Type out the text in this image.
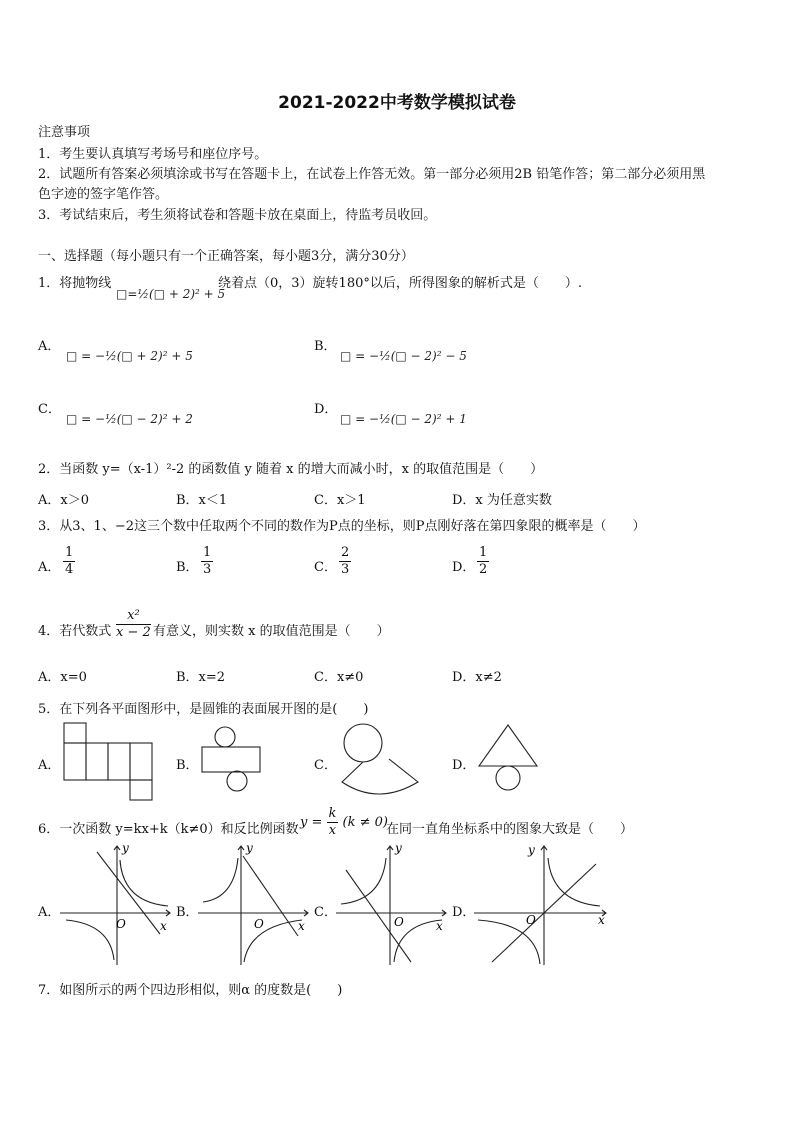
2021-2022中考数学模拟试卷
注意事项
1．考生要认真填写考场号和座位序号。
2．试题所有答案必须填涂或书写在答题卡上，在试卷上作答无效。第一部分必须用2B 铅笔作答；第二部分必须用黑
色字迹的签字笔作答。
3．考试结束后，考生须将试卷和答题卡放在桌面上，待监考员收回。
一、选择题（每小题只有一个正确答案，每小题3分，满分30分）
1．将抛物线
□=½(□ + 2)² + 5
绕着点（0，3）旋转180°以后，所得图象的解析式是（　　）.
A．
□ = −½(□ + 2)² + 5
B．
□ = −½(□ − 2)² − 5
C．
□ = −½(□ − 2)² + 2
D．
□ = −½(□ − 2)² + 1
2．当函数 y=（x-1）²-2 的函数值 y 随着 x 的增大而减小时，x 的取值范围是（　　）
A．x＞0	B．x＜1	C．x＞1	D．x 为任意实数
3．从3、1、−2这三个数中任取两个不同的数作为P点的坐标，则P点刚好落在第四象限的概率是（　　）
A． $\frac{1}{4}$	B． $\frac{1}{3}$	C． $\frac{2}{3}$	D． $\frac{1}{2}$
4．若代数式 $\frac{\text{x²}}{x - 2}$ 有意义，则实数 x 的取值范围是（　　）
A．x=0	B．x=2	C．x≠0	D．x≠2
5．在下列各平面图形中，是圆锥的表面展开图的是(　　)
A．	B．	C．	D．
6．一次函数 y=kx+k（k≠0）和反比例函数 $y = \frac{k}{x} (k \ne 0)$
在同一直角坐标系中的图象大致是（　　）
A．
y
x
O
B．
y
x
O
C．
y
x
O
D．
y
x
O
7．如图所示的两个四边形相似，则α 的度数是(　　)
